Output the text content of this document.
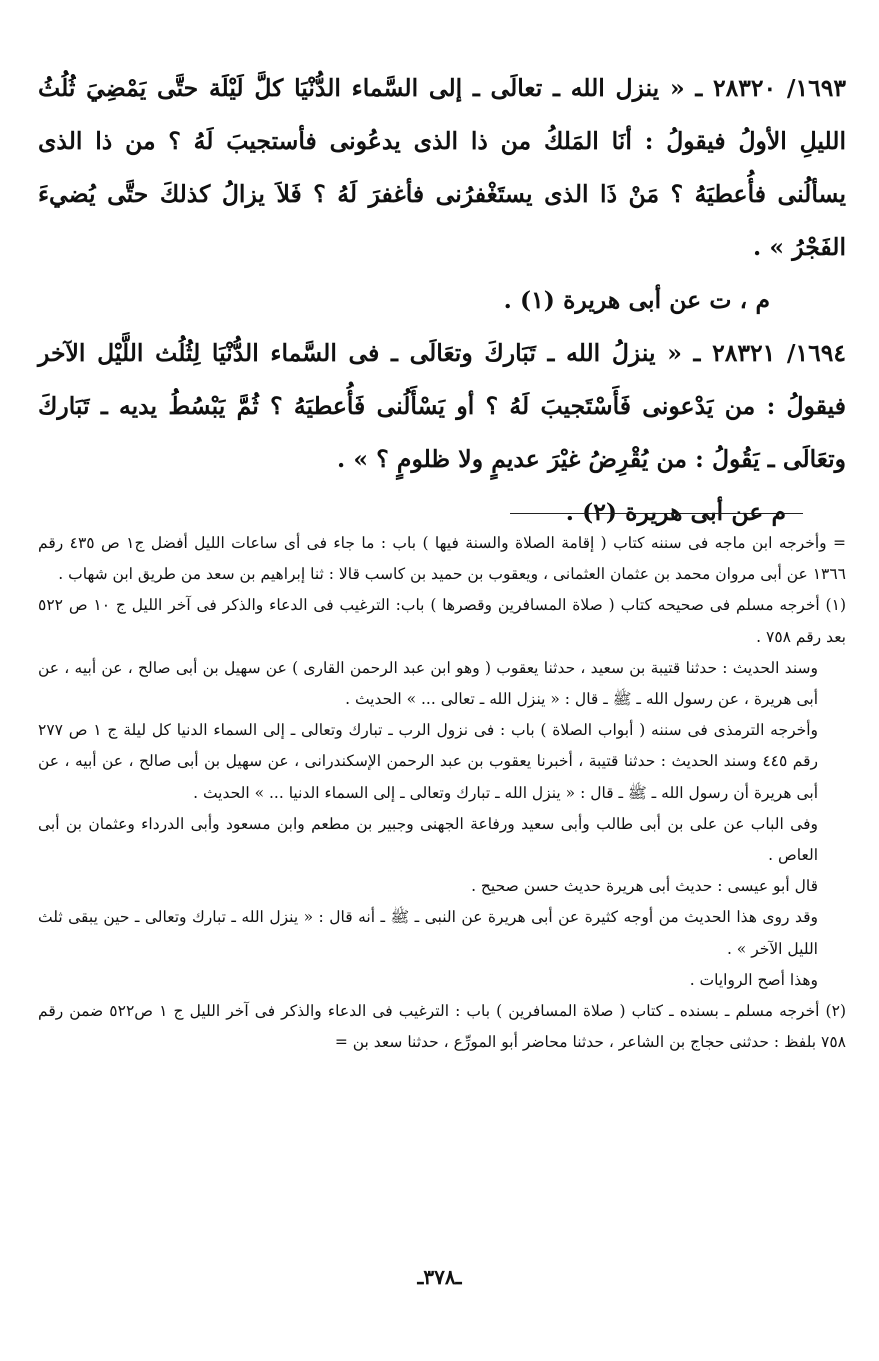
١٦٩٣/ ٢٨٣٢٠ ـ « ينزل الله ـ تعالَى ـ إلى السَّماء الدُّنْيَا كلَّ لَيْلَة حتَّى يَمْضِيَ ثُلُثُ الليلِ الأولُ فيقولُ : أنَا المَلكُ من ذا الذى يدعُونى فأستجيبَ لَهُ ؟ من ذا الذى يسألُنى فأُعطيَهُ ؟ مَنْ ذَا الذى يستَغْفرُنى فأغفرَ لَهُ ؟ فَلاَ يزالُ كذلكَ حتَّى يُضيءَ الفَجْرُ » .

م ، ت عن أبى هريرة (١) .

١٦٩٤/ ٢٨٣٢١ ـ « ينزلُ الله ـ تَبَاركَ وتعَالَى ـ فى السَّماء الدُّنْيَا لِثُلُث اللَّيْل الآخر فيقولُ : من يَدْعونى فَأَسْتَجيبَ لَهُ ؟ أو يَسْأَلُنى فَأُعطيَهُ ؟ ثُمَّ يَبْسُطُ يديه ـ تَبَاركَ وتعَالَى ـ يَقُولُ : من يُقْرِضُ غيْرَ عديمٍ ولا ظلومٍ ؟ » .

م عن أبى هريرة (٢) .

= وأخرجه ابن ماجه فى سننه كتاب ( إقامة الصلاة والسنة فيها ) باب : ما جاء فى أى ساعات الليل أفضل ج١ ص ٤٣٥ رقم ١٣٦٦ عن أبى مروان محمد بن عثمان العثمانى ، ويعقوب بن حميد بن كاسب قالا : ثنا إبراهيم بن سعد من طريق ابن شهاب .

(١) أخرجه مسلم فى صحيحه كتاب ( صلاة المسافرين وقصرها ) باب: الترغيب فى الدعاء والذكر فى آخر الليل ج ١٠ ص ٥٢٢ بعد رقم ٧٥٨ .

وسند الحديث : حدثنا قتيبة بن سعيد ، حدثنا يعقوب ( وهو ابن عبد الرحمن القارى ) عن سهيل بن أبى صالح ، عن أبيه ، عن أبى هريرة ، عن رسول الله ـ ﷺ ـ قال : « ينزل الله ـ تعالى ... » الحديث .

وأخرجه الترمذى فى سننه ( أبواب الصلاة ) باب : فى نزول الرب ـ تبارك وتعالى ـ إلى السماء الدنيا كل ليلة ج ١ ص ٢٧٧ رقم ٤٤٥ وسند الحديث : حدثنا قتيبة ، أخبرنا يعقوب بن عبد الرحمن الإسكندرانى ، عن سهيل بن أبى صالح ، عن أبيه ، عن أبى هريرة أن رسول الله ـ ﷺ ـ قال : « ينزل الله ـ تبارك وتعالى ـ إلى السماء الدنيا ... » الحديث .

وفى الباب عن على بن أبى طالب وأبى سعيد ورفاعة الجهنى وجبير بن مطعم وابن مسعود وأبى الدرداء وعثمان بن أبى العاص .

قال أبو عيسى : حديث أبى هريرة حديث حسن صحيح .

وقد روى هذا الحديث من أوجه كثيرة عن أبى هريرة عن النبى ـ ﷺ ـ أنه قال : « ينزل الله ـ تبارك وتعالى ـ حين يبقى ثلث الليل الآخر » .

وهذا أصح الروايات .

(٢) أخرجه مسلم ـ بسنده ـ كتاب ( صلاة المسافرين ) باب : الترغيب فى الدعاء والذكر فى آخر الليل ج ١ ص٥٢٢ ضمن رقم ٧٥٨ بلفظ : حدثنى حجاج بن الشاعر ، حدثنا محاضر أبو المورِّع ، حدثنا سعد بن =

ـ٣٧٨ـ
